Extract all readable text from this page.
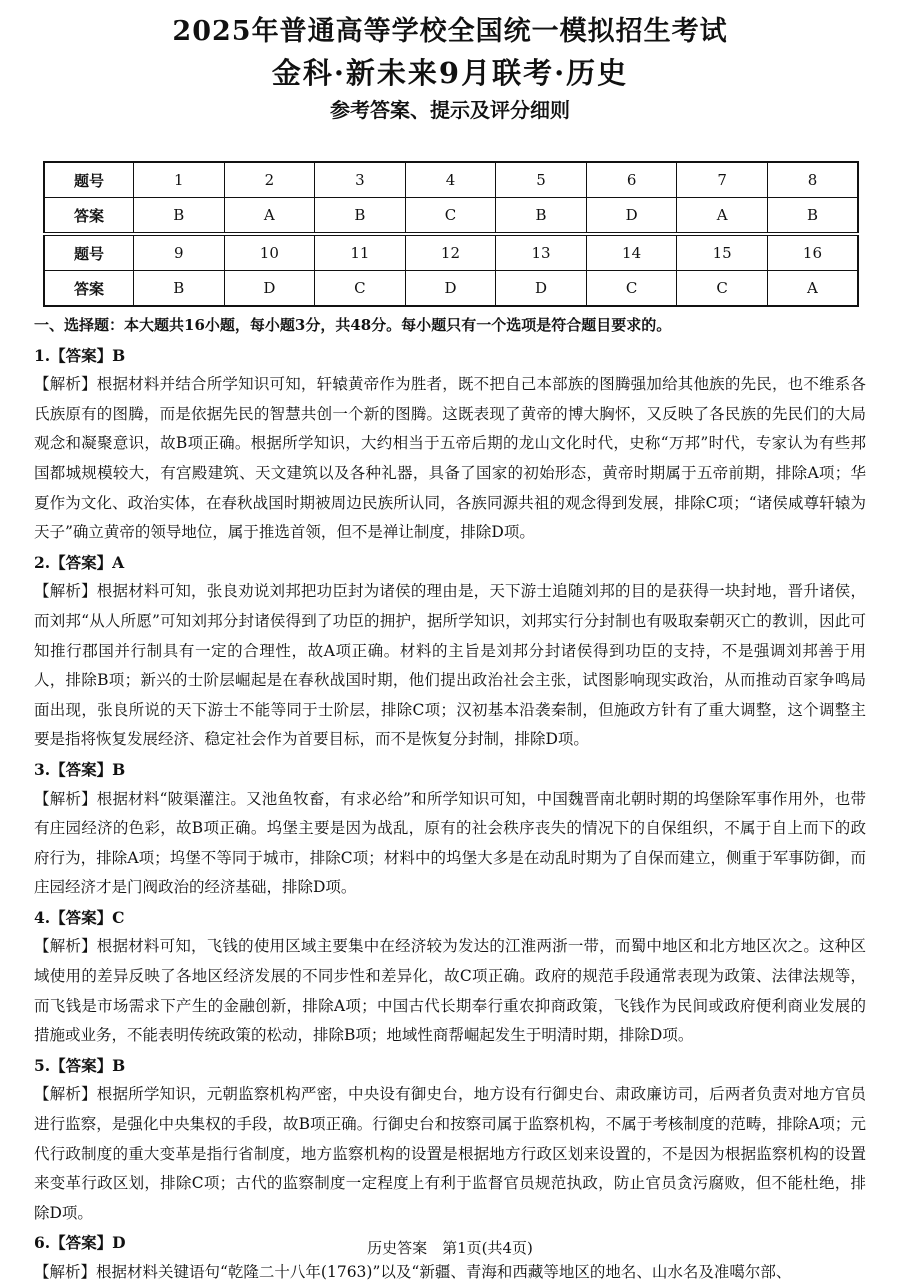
2025年普通高等学校全国统一模拟招生考试
金科·新未来9月联考·历史
参考答案、提示及评分细则
题号	1	2	3	4	5	6	7	8
答案	B	A	B	C	B	D	A	B
题号	9	10	11	12	13	14	15	16
答案	B	D	C	D	D	C	C	A
一、选择题：本大题共16小题，每小题3分，共48分。每小题只有一个选项是符合题目要求的。
1.【答案】B
【解析】根据材料并结合所学知识可知，轩辕黄帝作为胜者，既不把自己本部族的图腾强加给其他族的先民，也不维系各氏族原有的图腾，而是依据先民的智慧共创一个新的图腾。这既表现了黄帝的博大胸怀，又反映了各民族的先民们的大局观念和凝聚意识，故B项正确。根据所学知识，大约相当于五帝后期的龙山文化时代，史称“万邦”时代，专家认为有些邦国都城规模较大，有宫殿建筑、天文建筑以及各种礼器，具备了国家的初始形态，黄帝时期属于五帝前期，排除A项；华夏作为文化、政治实体，在春秋战国时期被周边民族所认同，各族同源共祖的观念得到发展，排除C项；“诸侯咸尊轩辕为天子”确立黄帝的领导地位，属于推选首领，但不是禅让制度，排除D项。
2.【答案】A
【解析】根据材料可知，张良劝说刘邦把功臣封为诸侯的理由是，天下游士追随刘邦的目的是获得一块封地，晋升诸侯，而刘邦“从人所愿”可知刘邦分封诸侯得到了功臣的拥护，据所学知识，刘邦实行分封制也有吸取秦朝灭亡的教训，因此可知推行郡国并行制具有一定的合理性，故A项正确。材料的主旨是刘邦分封诸侯得到功臣的支持，不是强调刘邦善于用人，排除B项；新兴的士阶层崛起是在春秋战国时期，他们提出政治社会主张，试图影响现实政治，从而推动百家争鸣局面出现，张良所说的天下游士不能等同于士阶层，排除C项；汉初基本沿袭秦制，但施政方针有了重大调整，这个调整主要是指将恢复发展经济、稳定社会作为首要目标，而不是恢复分封制，排除D项。
3.【答案】B
【解析】根据材料“陂渠灌注。又池鱼牧畜，有求必给”和所学知识可知，中国魏晋南北朝时期的坞堡除军事作用外，也带有庄园经济的色彩，故B项正确。坞堡主要是因为战乱，原有的社会秩序丧失的情况下的自保组织，不属于自上而下的政府行为，排除A项；坞堡不等同于城市，排除C项；材料中的坞堡大多是在动乱时期为了自保而建立，侧重于军事防御，而庄园经济才是门阀政治的经济基础，排除D项。
4.【答案】C
【解析】根据材料可知，飞钱的使用区域主要集中在经济较为发达的江淮两浙一带，而蜀中地区和北方地区次之。这种区域使用的差异反映了各地区经济发展的不同步性和差异化，故C项正确。政府的规范手段通常表现为政策、法律法规等，而飞钱是市场需求下产生的金融创新，排除A项；中国古代长期奉行重农抑商政策，飞钱作为民间或政府便利商业发展的措施或业务，不能表明传统政策的松动，排除B项；地域性商帮崛起发生于明清时期，排除D项。
5.【答案】B
【解析】根据所学知识，元朝监察机构严密，中央设有御史台，地方设有行御史台、肃政廉访司，后两者负责对地方官员进行监察，是强化中央集权的手段，故B项正确。行御史台和按察司属于监察机构，不属于考核制度的范畴，排除A项；元代行政制度的重大变革是指行省制度，地方监察机构的设置是根据地方行政区划来设置的，不是因为根据监察机构的设置来变革行政区划，排除C项；古代的监察制度一定程度上有利于监督官员规范执政，防止官员贪污腐败，但不能杜绝，排除D项。
6.【答案】D
【解析】根据材料关键语句“乾隆二十八年(1763)”以及“新疆、青海和西藏等地区的地名、山水名及准噶尔部、
历史答案　第1页(共4页)
